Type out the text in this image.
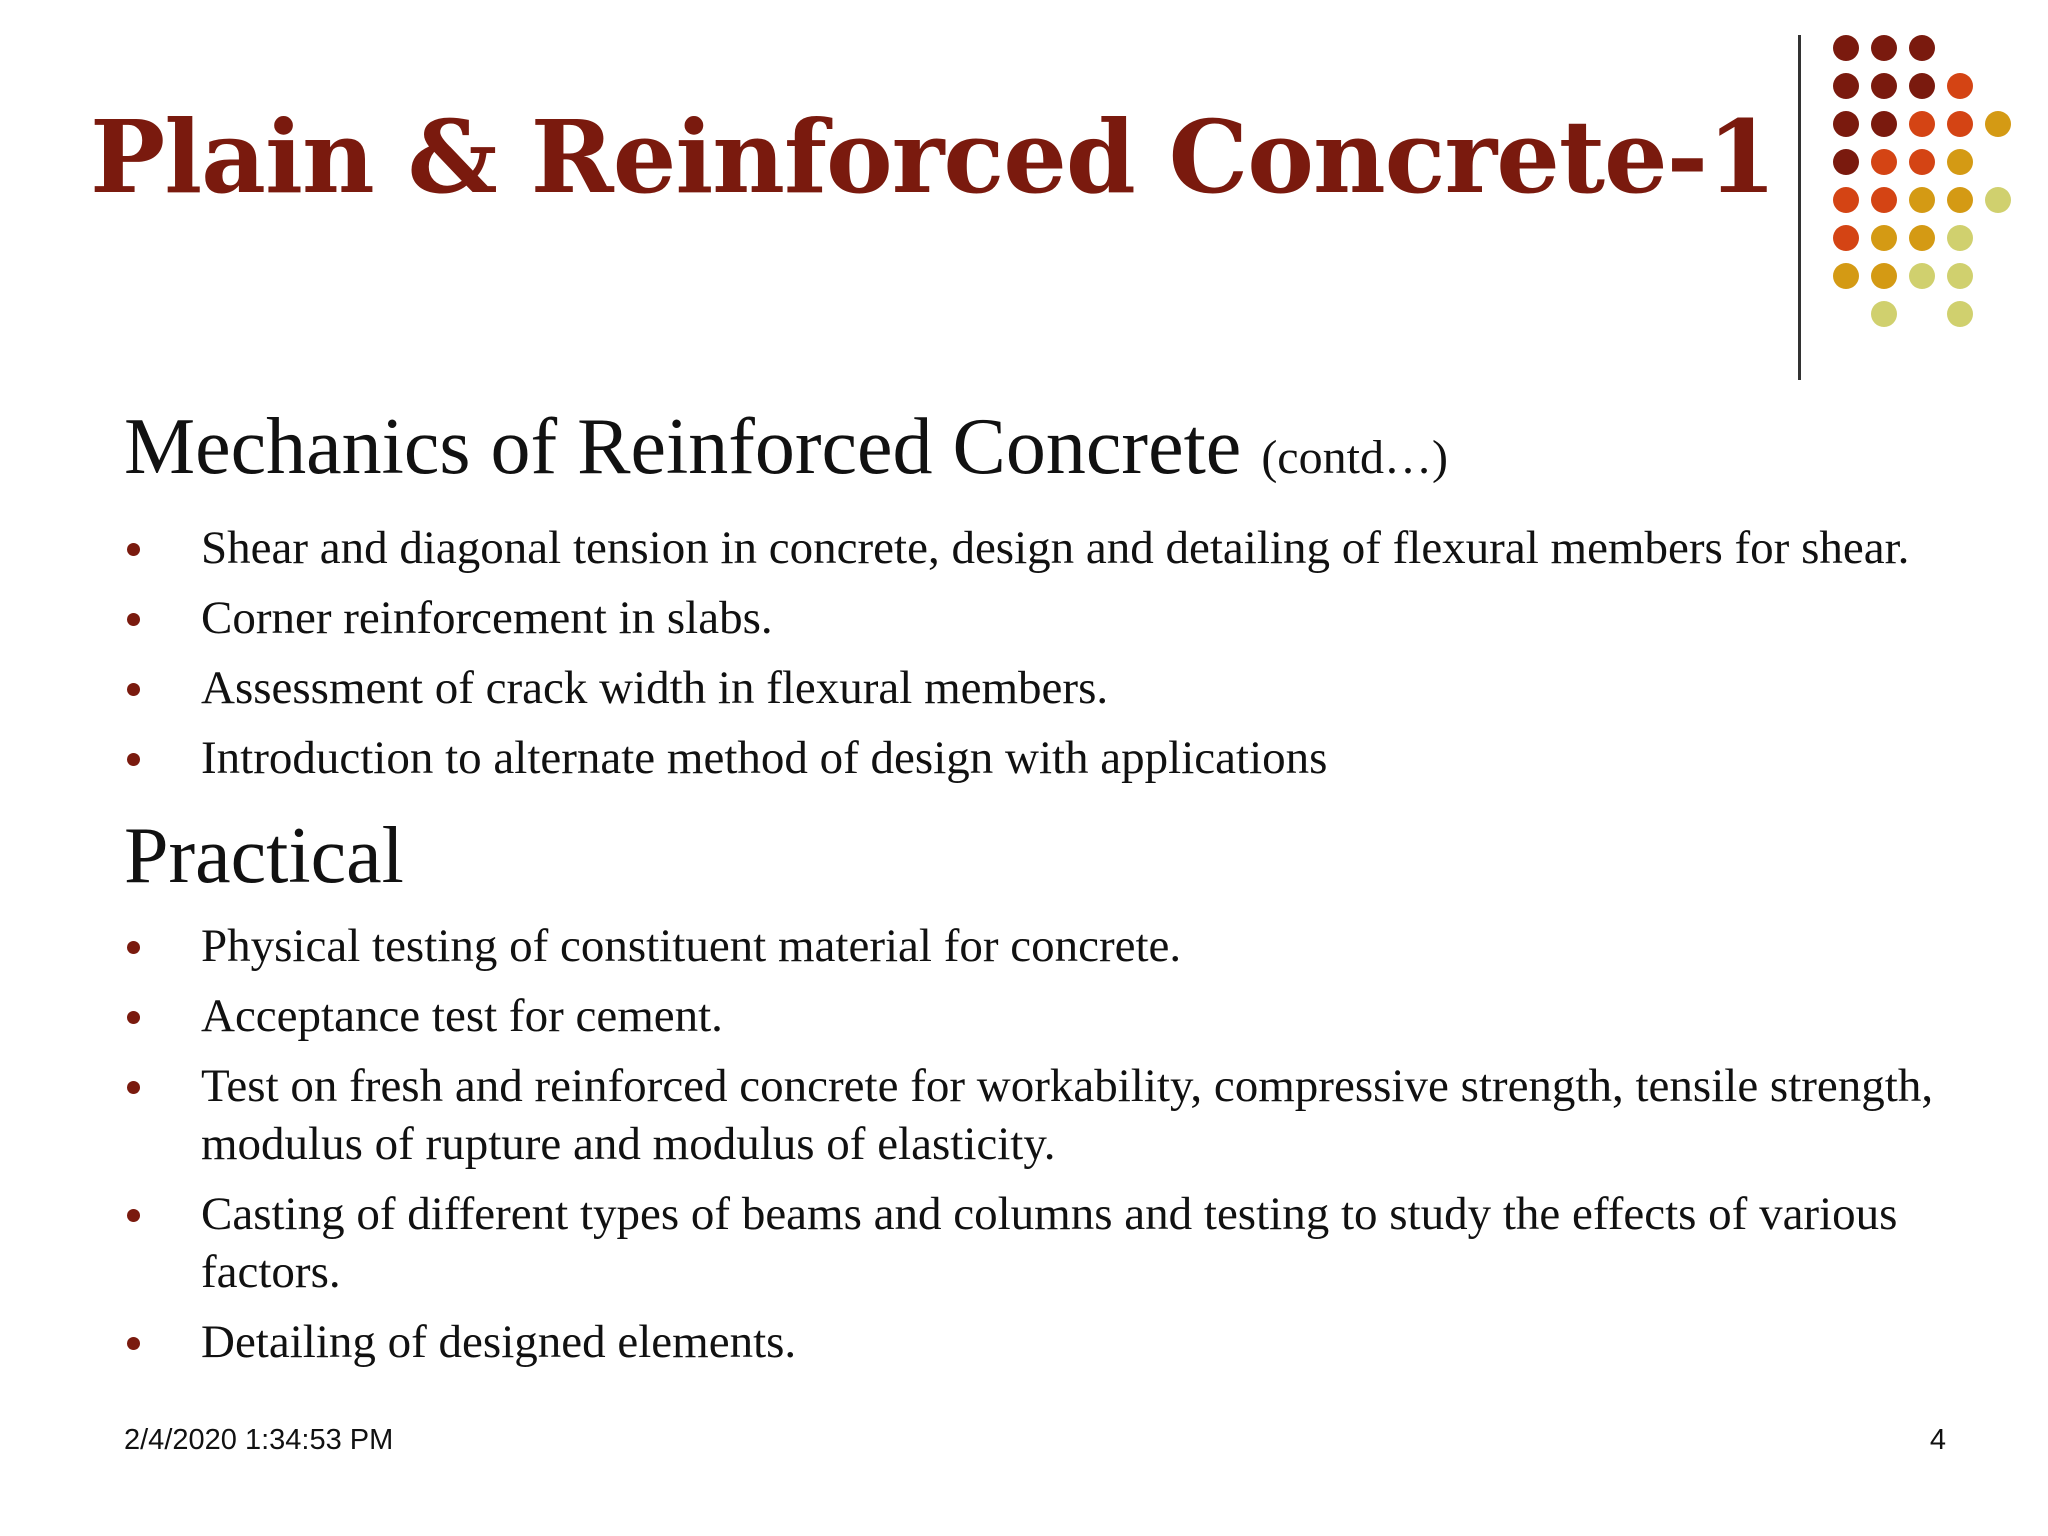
Plain & Reinforced Concrete-1
Mechanics of Reinforced Concrete (contd…)
Shear and diagonal tension in concrete, design and detailing of flexural members for shear.
Corner reinforcement in slabs.
Assessment of crack width in flexural members.
Introduction to alternate method of design with applications
Practical
Physical testing of constituent material for concrete.
Acceptance test for cement.
Test on fresh and reinforced concrete for workability, compressive strength, tensile strength, modulus of rupture and modulus of elasticity.
Casting of different types of beams and columns and testing to study the effects of various factors.
Detailing of designed elements.
2/4/2020 1:34:53 PM	4
